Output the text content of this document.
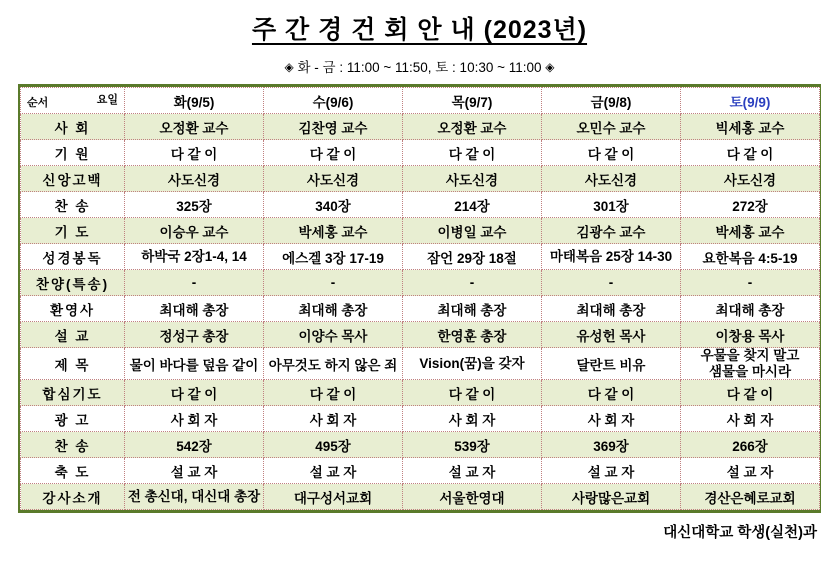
주 간 경 건 회 안 내 (2023년)
◈ 화 - 금 : 11:00 ~ 11:50, 토 : 10:30 ~ 11:00 ◈
요일
순서	화(9/5)	수(9/6)	목(9/7)	금(9/8)	토(9/9)
사 회	오정환 교수	김찬영 교수	오정환 교수	오민수 교수	빅세홍 교수
기 원	다 같 이	다 같 이	다 같 이	다 같 이	다 같 이
신앙고백	사도신경	사도신경	사도신경	사도신경	사도신경
찬 송	325장	340장	214장	301장	272장
기 도	이승우 교수	박세홍 교수	이병일 교수	김광수 교수	박세홍 교수
성경봉독	하박국 2장1-4, 14	에스겔 3장 17-19	잠언 29장 18절	마태복음 25장 14-30	요한복음 4:5-19
찬양(특송)	-	-	-	-	-
환영사	최대해 총장	최대해 총장	최대해 총장	최대해 총장	최대해 총장
설 교	정성구 총장	이양수 목사	한영훈 총장	유성헌 목사	이창용 목사
제 목	물이 바다를 덮음 같이	아무것도 하지 않은 죄	Vision(꿈)을 갖자	달란트 비유	우물을 찾지 말고
샘물을 마시라
합심기도	다 같 이	다 같 이	다 같 이	다 같 이	다 같 이
광 고	사 회 자	사 회 자	사 회 자	사 회 자	사 회 자
찬 송	542장	495장	539장	369장	266장
축 도	설 교 자	설 교 자	설 교 자	설 교 자	설 교 자
강사소개	전 총신대, 대신대 총장	대구성서교회	서울한영대	사랑많은교회	경산은혜로교회
대신대학교 학생(실천)과
